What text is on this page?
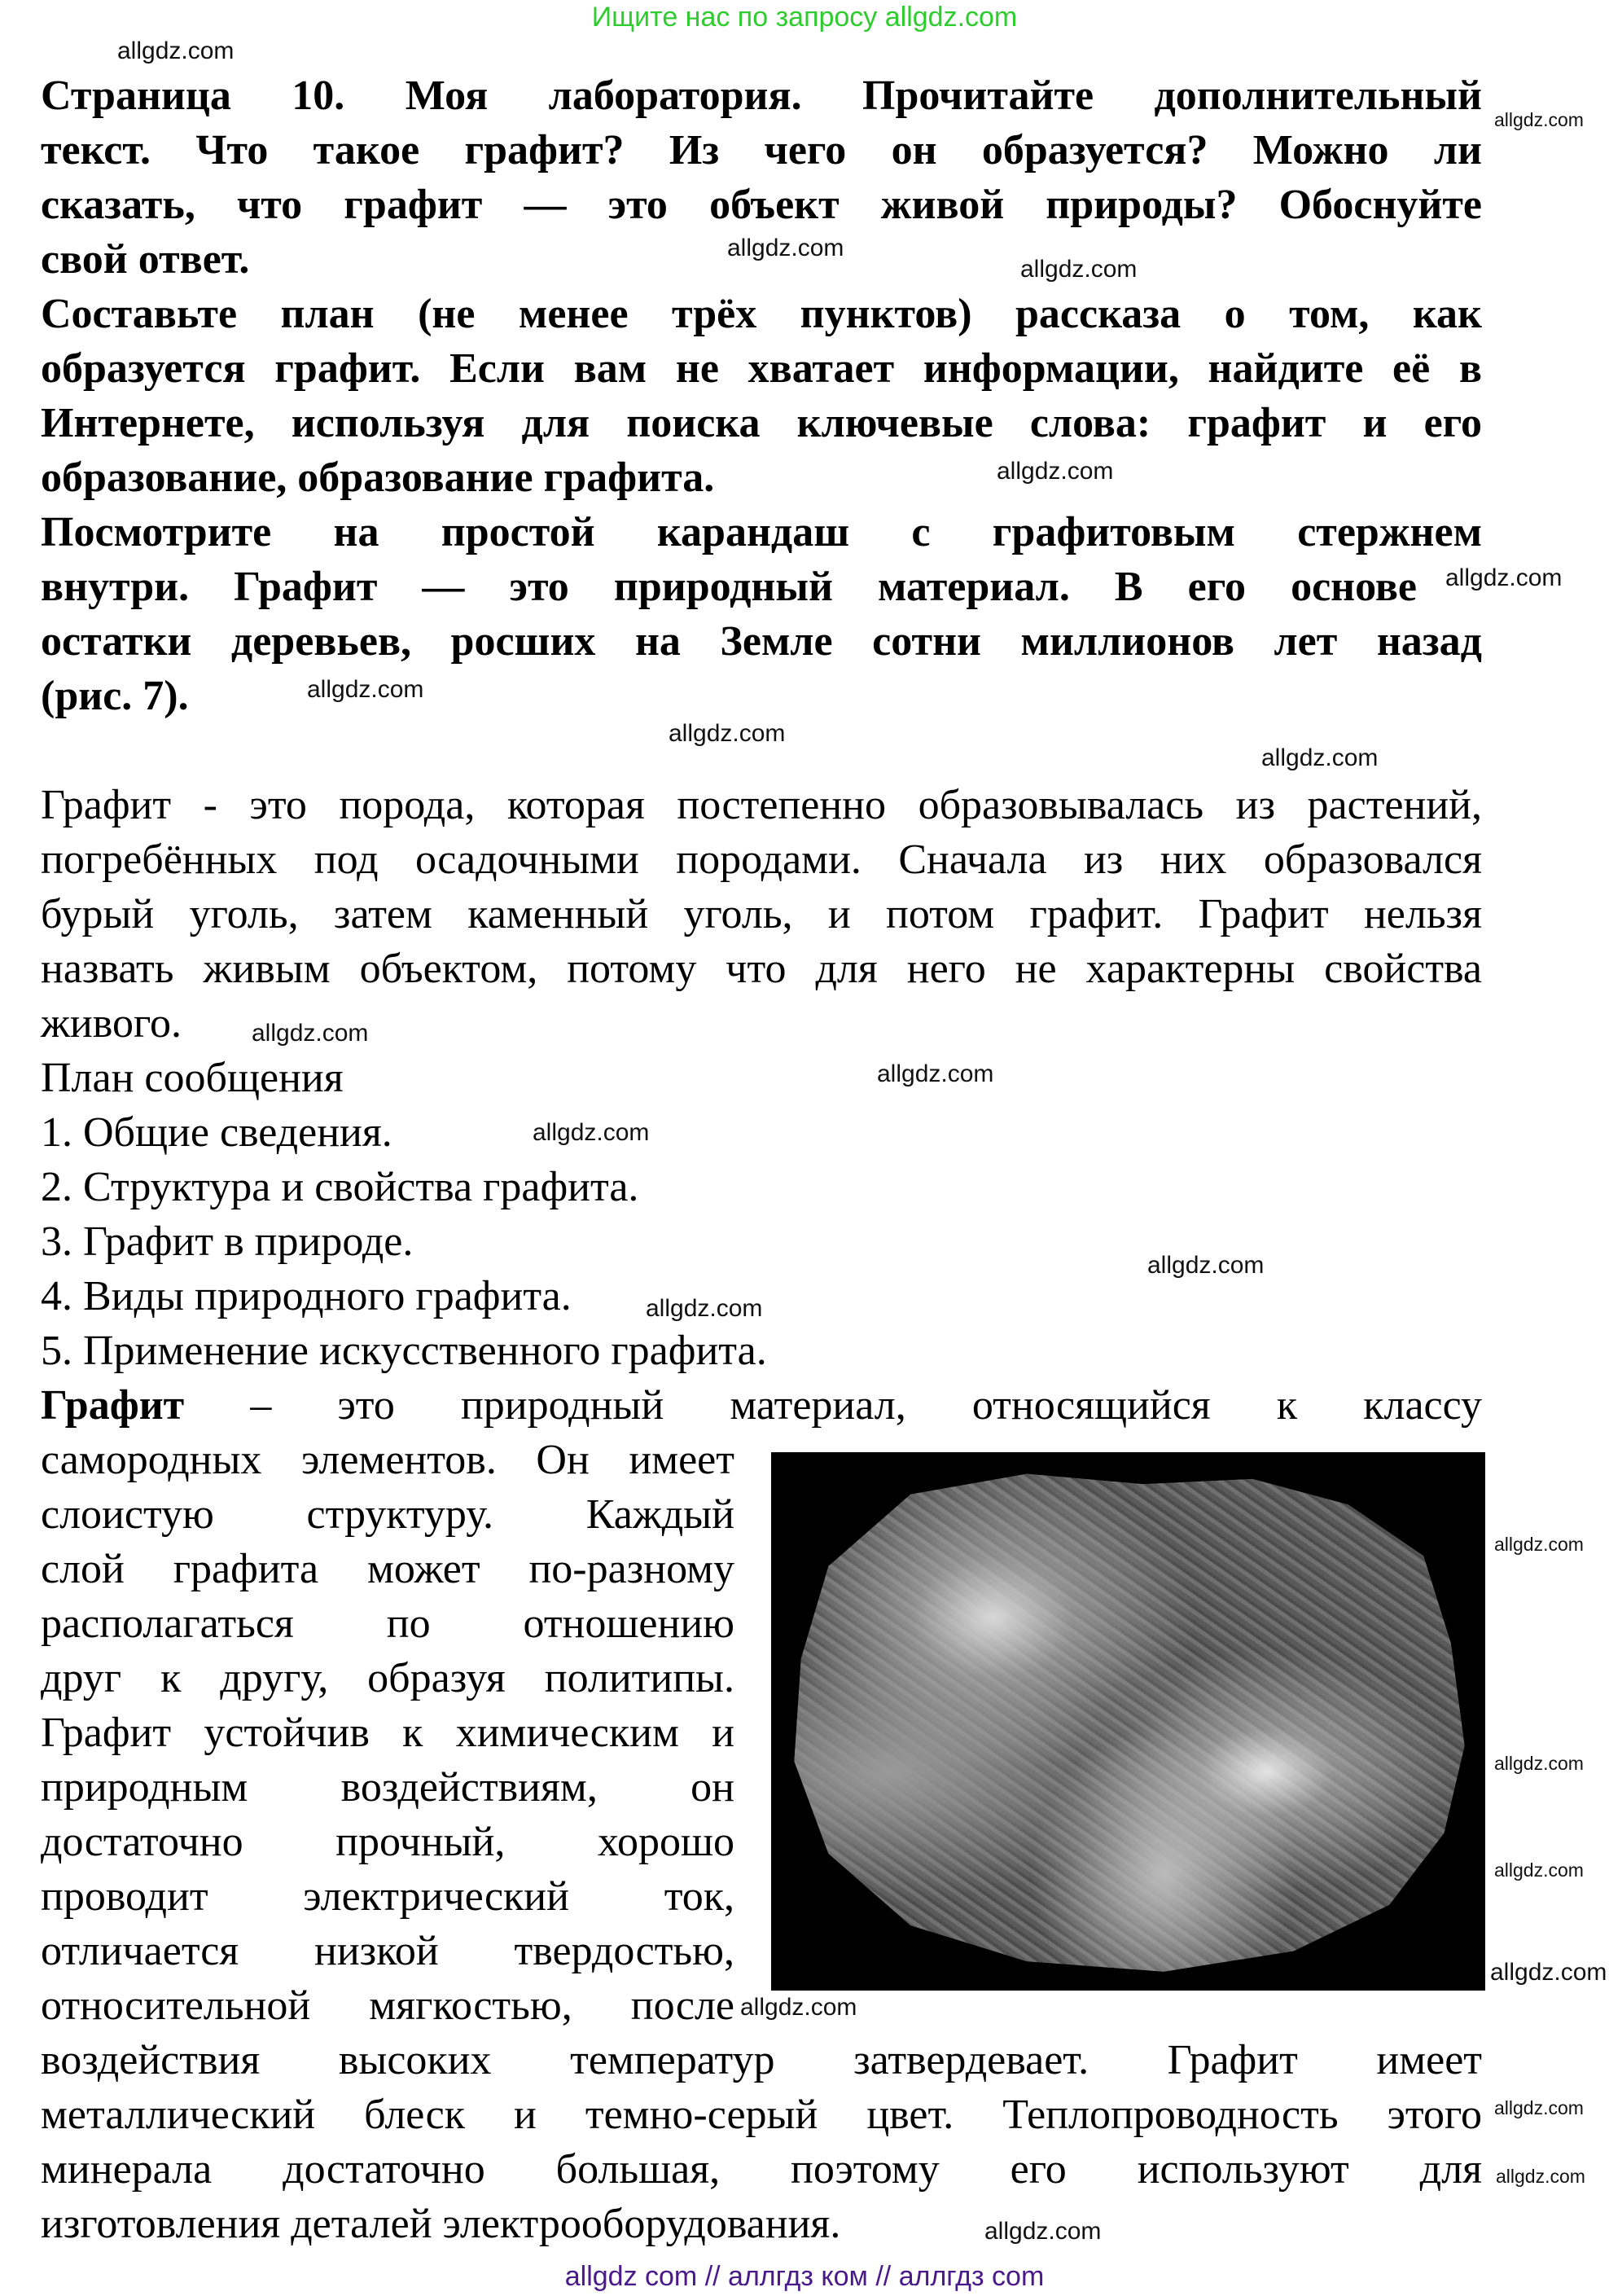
Ищите нас по запросу allgdz.com
Страница 10. Моя лаборатория. Прочитайте дополнительный
текст. Что такое графит? Из чего он образуется? Можно ли
сказать, что графит — это объект живой природы? Обоснуйте
свой ответ.
Составьте план (не менее трёх пунктов) рассказа о том, как
образуется графит. Если вам не хватает информации, найдите её в
Интернете, используя для поиска ключевые слова: графит и его
образование, образование графита.
Посмотрите на простой карандаш с графитовым стержнем
внутри. Графит — это природный материал. В его основе
остатки деревьев, росших на Земле сотни миллионов лет назад
(рис. 7).
Графит - это порода, которая постепенно образовывалась из растений,
погребённых под осадочными породами. Сначала из них образовался
бурый уголь, затем каменный уголь, и потом графит. Графит нельзя
назвать живым объектом, потому что для него не характерны свойства
живого.
План сообщения
1. Общие сведения.
2. Структура и свойства графита.
3. Графит в природе.
4. Виды природного графита.
5. Применение искусственного графита.
Графит – это природный материал, относящийся к классу
самородных элементов. Он имеет
слоистую структуру. Каждый
слой графита может по-разному
располагаться по отношению
друг к другу, образуя политипы.
Графит устойчив к химическим и
природным воздействиям, он
достаточно прочный, хорошо
проводит электрический ток,
отличается низкой твердостью,
относительной мягкостью, после
воздействия высоких температур затвердевает. Графит имеет
металлический блеск и темно-серый цвет. Теплопроводность этого
минерала достаточно большая, поэтому его используют для
изготовления деталей электрооборудования.
allgdz.com
allgdz.com
allgdz.com
allgdz.com
allgdz.com
allgdz.com
allgdz.com
allgdz.com
allgdz.com
allgdz.com
allgdz.com
allgdz.com
allgdz.com
allgdz.com
allgdz.com
allgdz.com
allgdz.com
allgdz.com
allgdz.com
allgdz.com
allgdz.com
allgdz.com
allgdz com // аллгдз ком // аллгдз com
